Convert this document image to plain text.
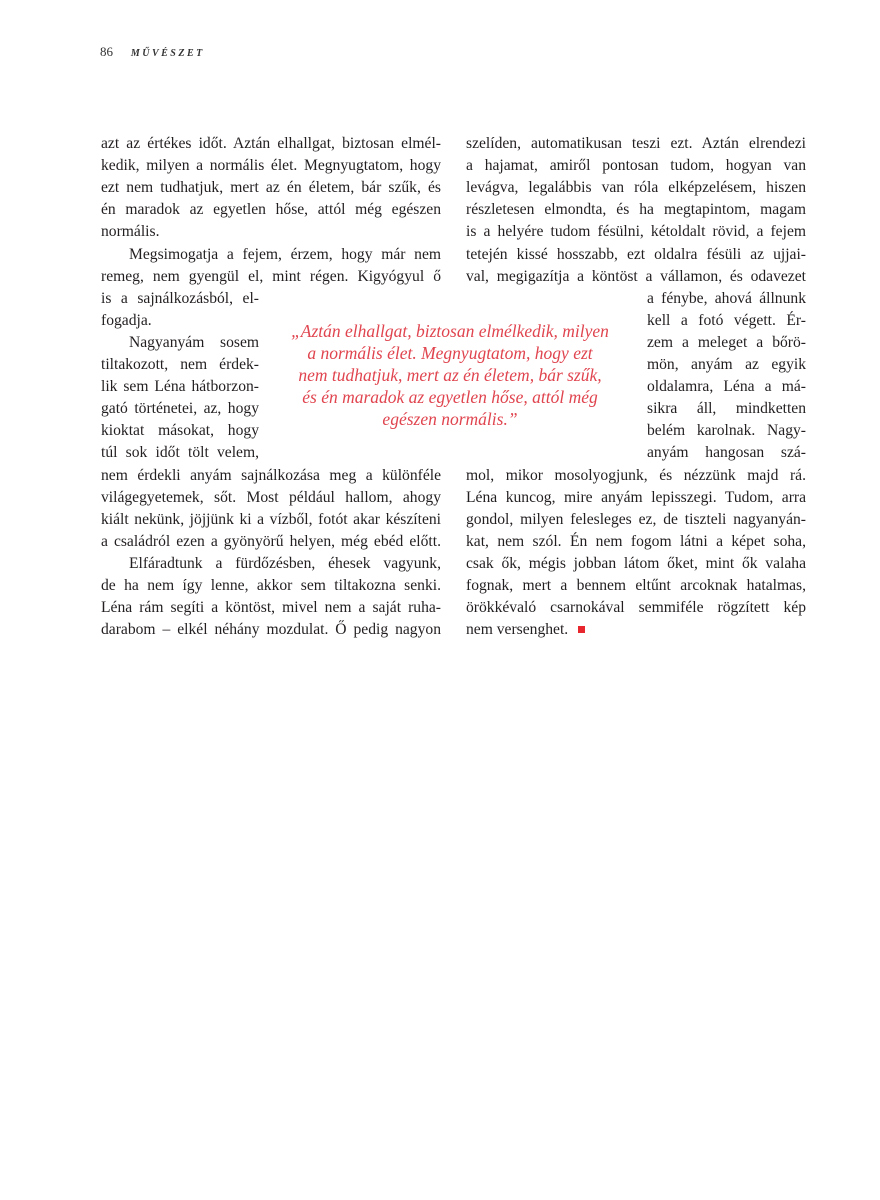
86 MŰVÉSZET
azt az értékes időt. Aztán elhallgat, biztosan elmél-
kedik, milyen a normális élet. Megnyugtatom, hogy
ezt nem tudhatjuk, mert az én életem, bár szűk, és
én maradok az egyetlen hőse, attól még egészen
normális.
Megsimogatja a fejem, érzem, hogy már nem
remeg, nem gyengül el, mint régen. Kigyógyul ő
is a sajnálkozásból, el-
fogadja.
Nagyanyám sosem
tiltakozott, nem érdek-
lik sem Léna hátborzon-
gató történetei, az, hogy
kioktat másokat, hogy
túl sok időt tölt velem,
nem érdekli anyám sajnálkozása meg a különféle
világegyetemek, sőt. Most például hallom, ahogy
kiált nekünk, jöjjünk ki a vízből, fotót akar készíteni
a családról ezen a gyönyörű helyen, még ebéd előtt.
Elfáradtunk a fürdőzésben, éhesek vagyunk,
de ha nem így lenne, akkor sem tiltakozna senki.
Léna rám segíti a köntöst, mivel nem a saját ruha-
darabom – elkél néhány mozdulat. Ő pedig nagyon
szelíden, automatikusan teszi ezt. Aztán elrendezi
a hajamat, amiről pontosan tudom, hogyan van
levágva, legalábbis van róla elképzelésem, hiszen
részletesen elmondta, és ha megtapintom, magam
is a helyére tudom fésülni, kétoldalt rövid, a fejem
tetején kissé hosszabb, ezt oldalra fésüli az ujjai-
val, megigazítja a köntöst a vállamon, és odavezet
a fénybe, ahová állnunk
kell a fotó végett. Ér-
zem a meleget a bőrö-
mön, anyám az egyik
oldalamra, Léna a má-
sikra áll, mindketten
belém karolnak. Nagy-
anyám hangosan szá-
mol, mikor mosolyogjunk, és nézzünk majd rá.
Léna kuncog, mire anyám lepisszegi. Tudom, arra
gondol, milyen felesleges ez, de tiszteli nagyanyán-
kat, nem szól. Én nem fogom látni a képet soha,
csak ők, mégis jobban látom őket, mint ők valaha
fognak, mert a bennem eltűnt arcoknak hatalmas,
örökkévaló csarnokával semmiféle rögzített kép
nem versenghet.
„Aztán elhallgat, biztosan elmélkedik, milyen
a normális élet. Megnyugtatom, hogy ezt
nem tudhatjuk, mert az én életem, bár szűk,
és én maradok az egyetlen hőse, attól még
egészen normális.”
